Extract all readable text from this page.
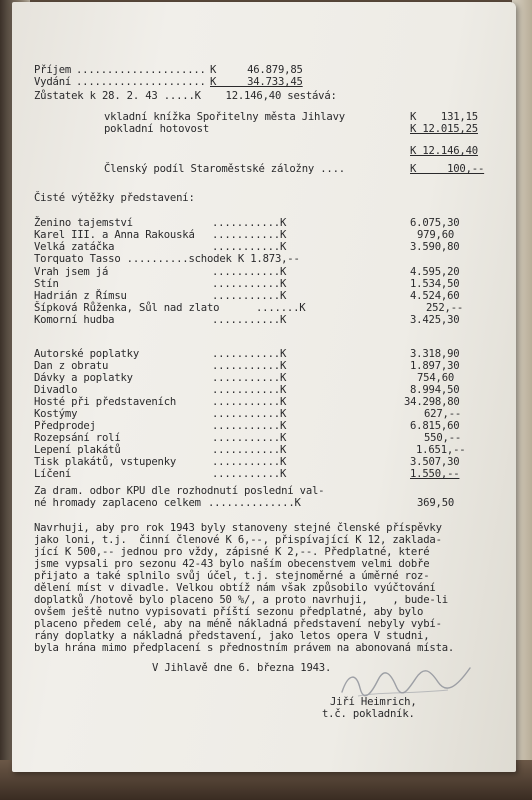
Příjem ..................... K     46.879,85
Vydání ..................... K     34.733,45
Zůstatek k 28. 2. 43 .....K    12.146,40 sestává:
vkladní knížka Spořitelny města Jihlavy	K    131,15
pokladní hotovost	K 12.015,25
K 12.146,40
Členský podíl Staroměstské záložny ....	K     100,--
Čisté výtěžky představení:
Ženino tajemství	...........K	6.075,30
Karel III. a Anna Rakouská ...........K	979,60
Velká zatáčka	...........K	3.590,80
Torquato Tasso ..........schodek K 1.873,--
Vrah jsem já	...........K	4.595,20
Stín	...........K	1.534,50
Hadrián z Římsu	...........K	4.524,60
Šípková Růženka, Sůl nad zlato	.......K	252,--
Komorní hudba	...........K	3.425,30
Autorské poplatky	...........K	3.318,90
Dan z obratu	...........K	1.897,30
Dávky a poplatky	...........K	754,60
Divadlo	...........K	8.994,50
Hosté při představeních	...........K	34.298,80
Kostýmy	...........K	627,--
Předprodej	...........K	6.815,60
Rozepsání rolí	...........K	550,--
Lepení plakátů	...........K	1.651,--
Tisk plakátů, vstupenky	...........K	3.507,30
Líčení	...........K	1.550,--
Za dram. odbor KPU dle rozhodnutí poslední val-
né hromady zaplaceno celkem ..............K	369,50
Navrhuji, aby pro rok 1943 byly stanoveny stejné členské příspěvky
jako loni, t.j.  činní členové K 6,--, přispívající K 12, zaklada-
jící K 500,-- jednou pro vždy, zápisné K 2,--. Předplatné, které
jsme vypsali pro sezonu 42-43 bylo naším obecenstvem velmi dobře
přijato a také splnilo svůj účel, t.j. stejnoměrné a úměrné roz-
dělení míst v divadle. Velkou obtíž nám však způsobilo vyúčtování
doplatků /hotově bylo placeno 50 %/, a proto navrhuji,    , bude-li
ovšem ještě nutno vypisovati příští sezonu předplatné, aby bylo
placeno předem celé, aby na méně nákladná představení nebyly vybí-
rány doplatky a nákladná představení, jako letos opera V studni,
byla hrána mimo předplacení s přednostním právem na abonovaná místa.
V Jihlavě dne 6. března 1943.
Jiří Heimrich,
t.č. pokladník.
